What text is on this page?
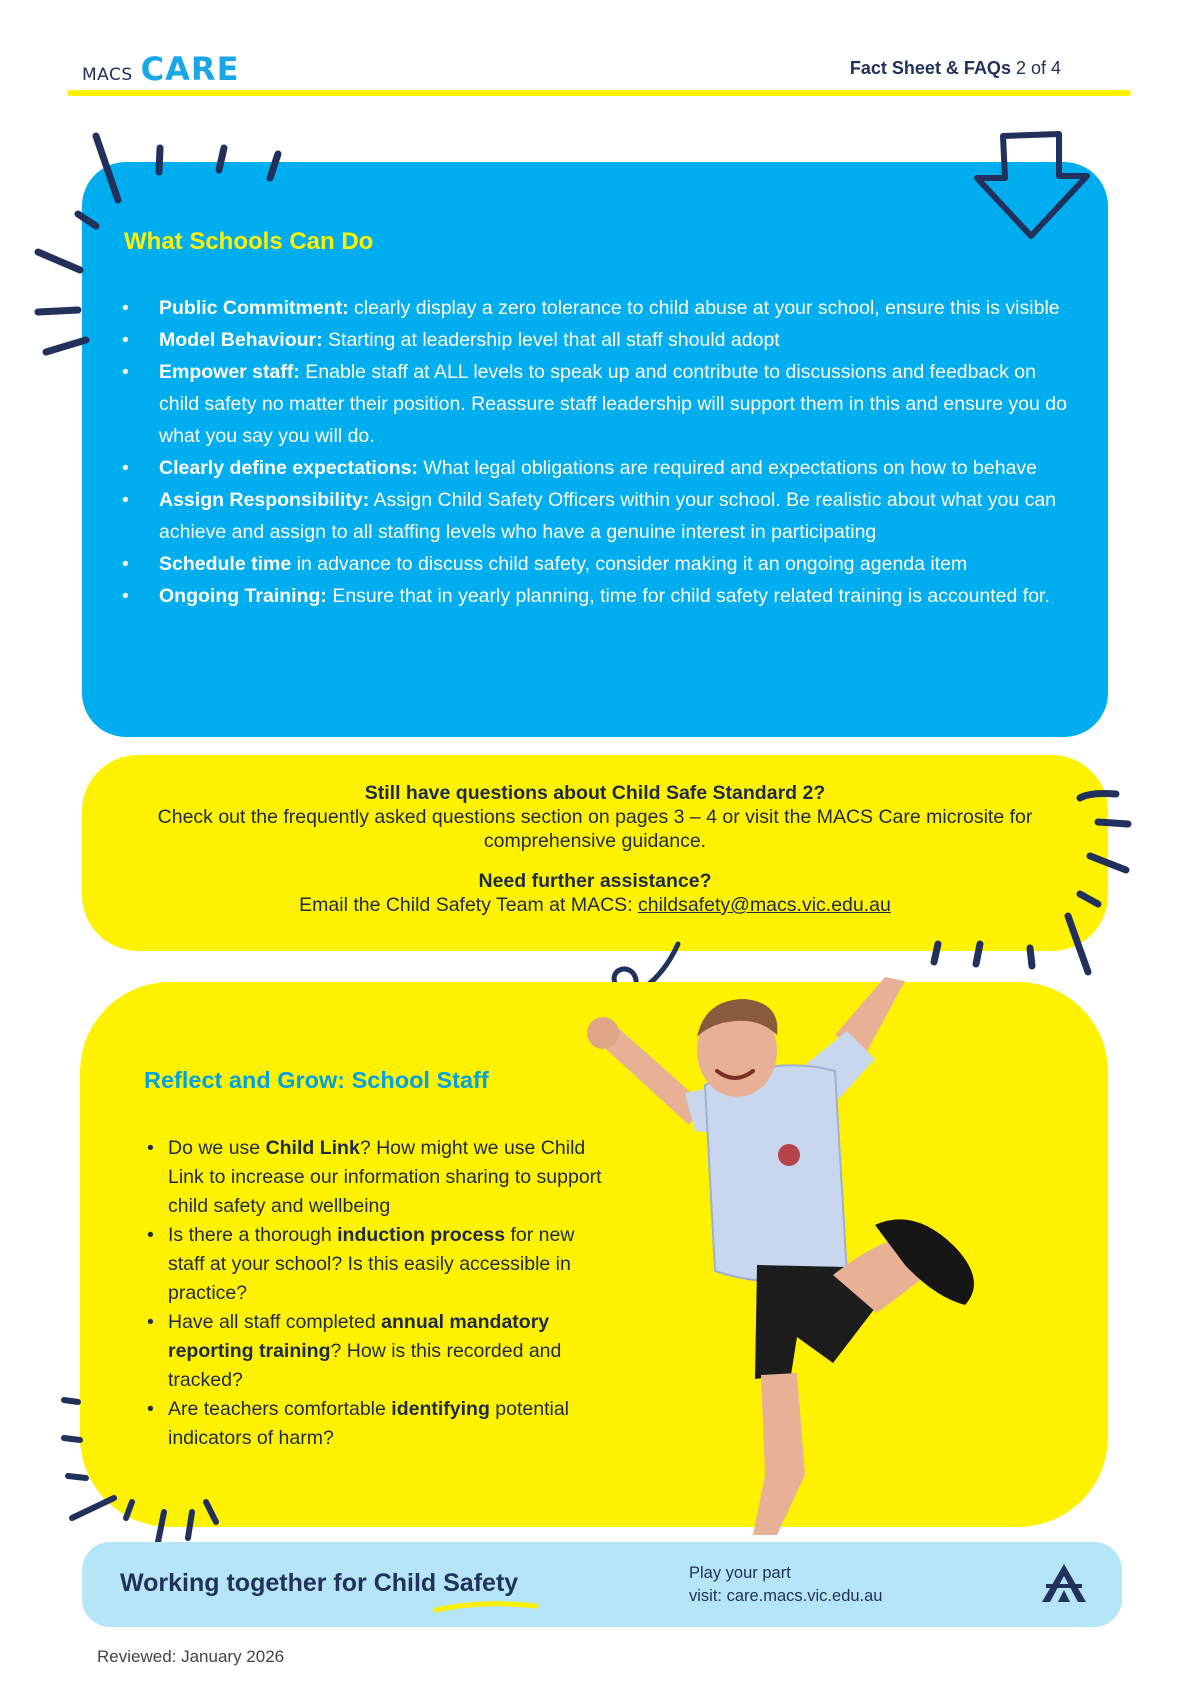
MACS CARE	Fact Sheet & FAQs 2 of 4
What Schools Can Do
• Public Commitment: clearly display a zero tolerance to child abuse at your school, ensure this is visible
• Model Behaviour: Starting at leadership level that all staff should adopt
• Empower staff: Enable staff at ALL levels to speak up and contribute to discussions and feedback on child safety no matter their position. Reassure staff leadership will support them in this and ensure you do what you say you will do.
• Clearly define expectations: What legal obligations are required and expectations on how to behave
• Assign Responsibility: Assign Child Safety Officers within your school. Be realistic about what you can achieve and assign to all staffing levels who have a genuine interest in participating
• Schedule time in advance to discuss child safety, consider making it an ongoing agenda item
• Ongoing Training: Ensure that in yearly planning, time for child safety related training is accounted for.
Still have questions about Child Safe Standard 2?
Check out the frequently asked questions section on pages 3 – 4 or visit the MACS Care microsite for comprehensive guidance.
Need further assistance?
Email the Child Safety Team at MACS: childsafety@macs.vic.edu.au
Reflect and Grow: School Staff
• Do we use Child Link? How might we use Child Link to increase our information sharing to support child safety and wellbeing
• Is there a thorough induction process for new staff at your school? Is this easily accessible in practice?
• Have all staff completed annual mandatory reporting training? How is this recorded and tracked?
• Are teachers comfortable identifying potential indicators of harm?
Working together for Child Safety	Play your part
visit: care.macs.vic.edu.au
Reviewed: January 2026
